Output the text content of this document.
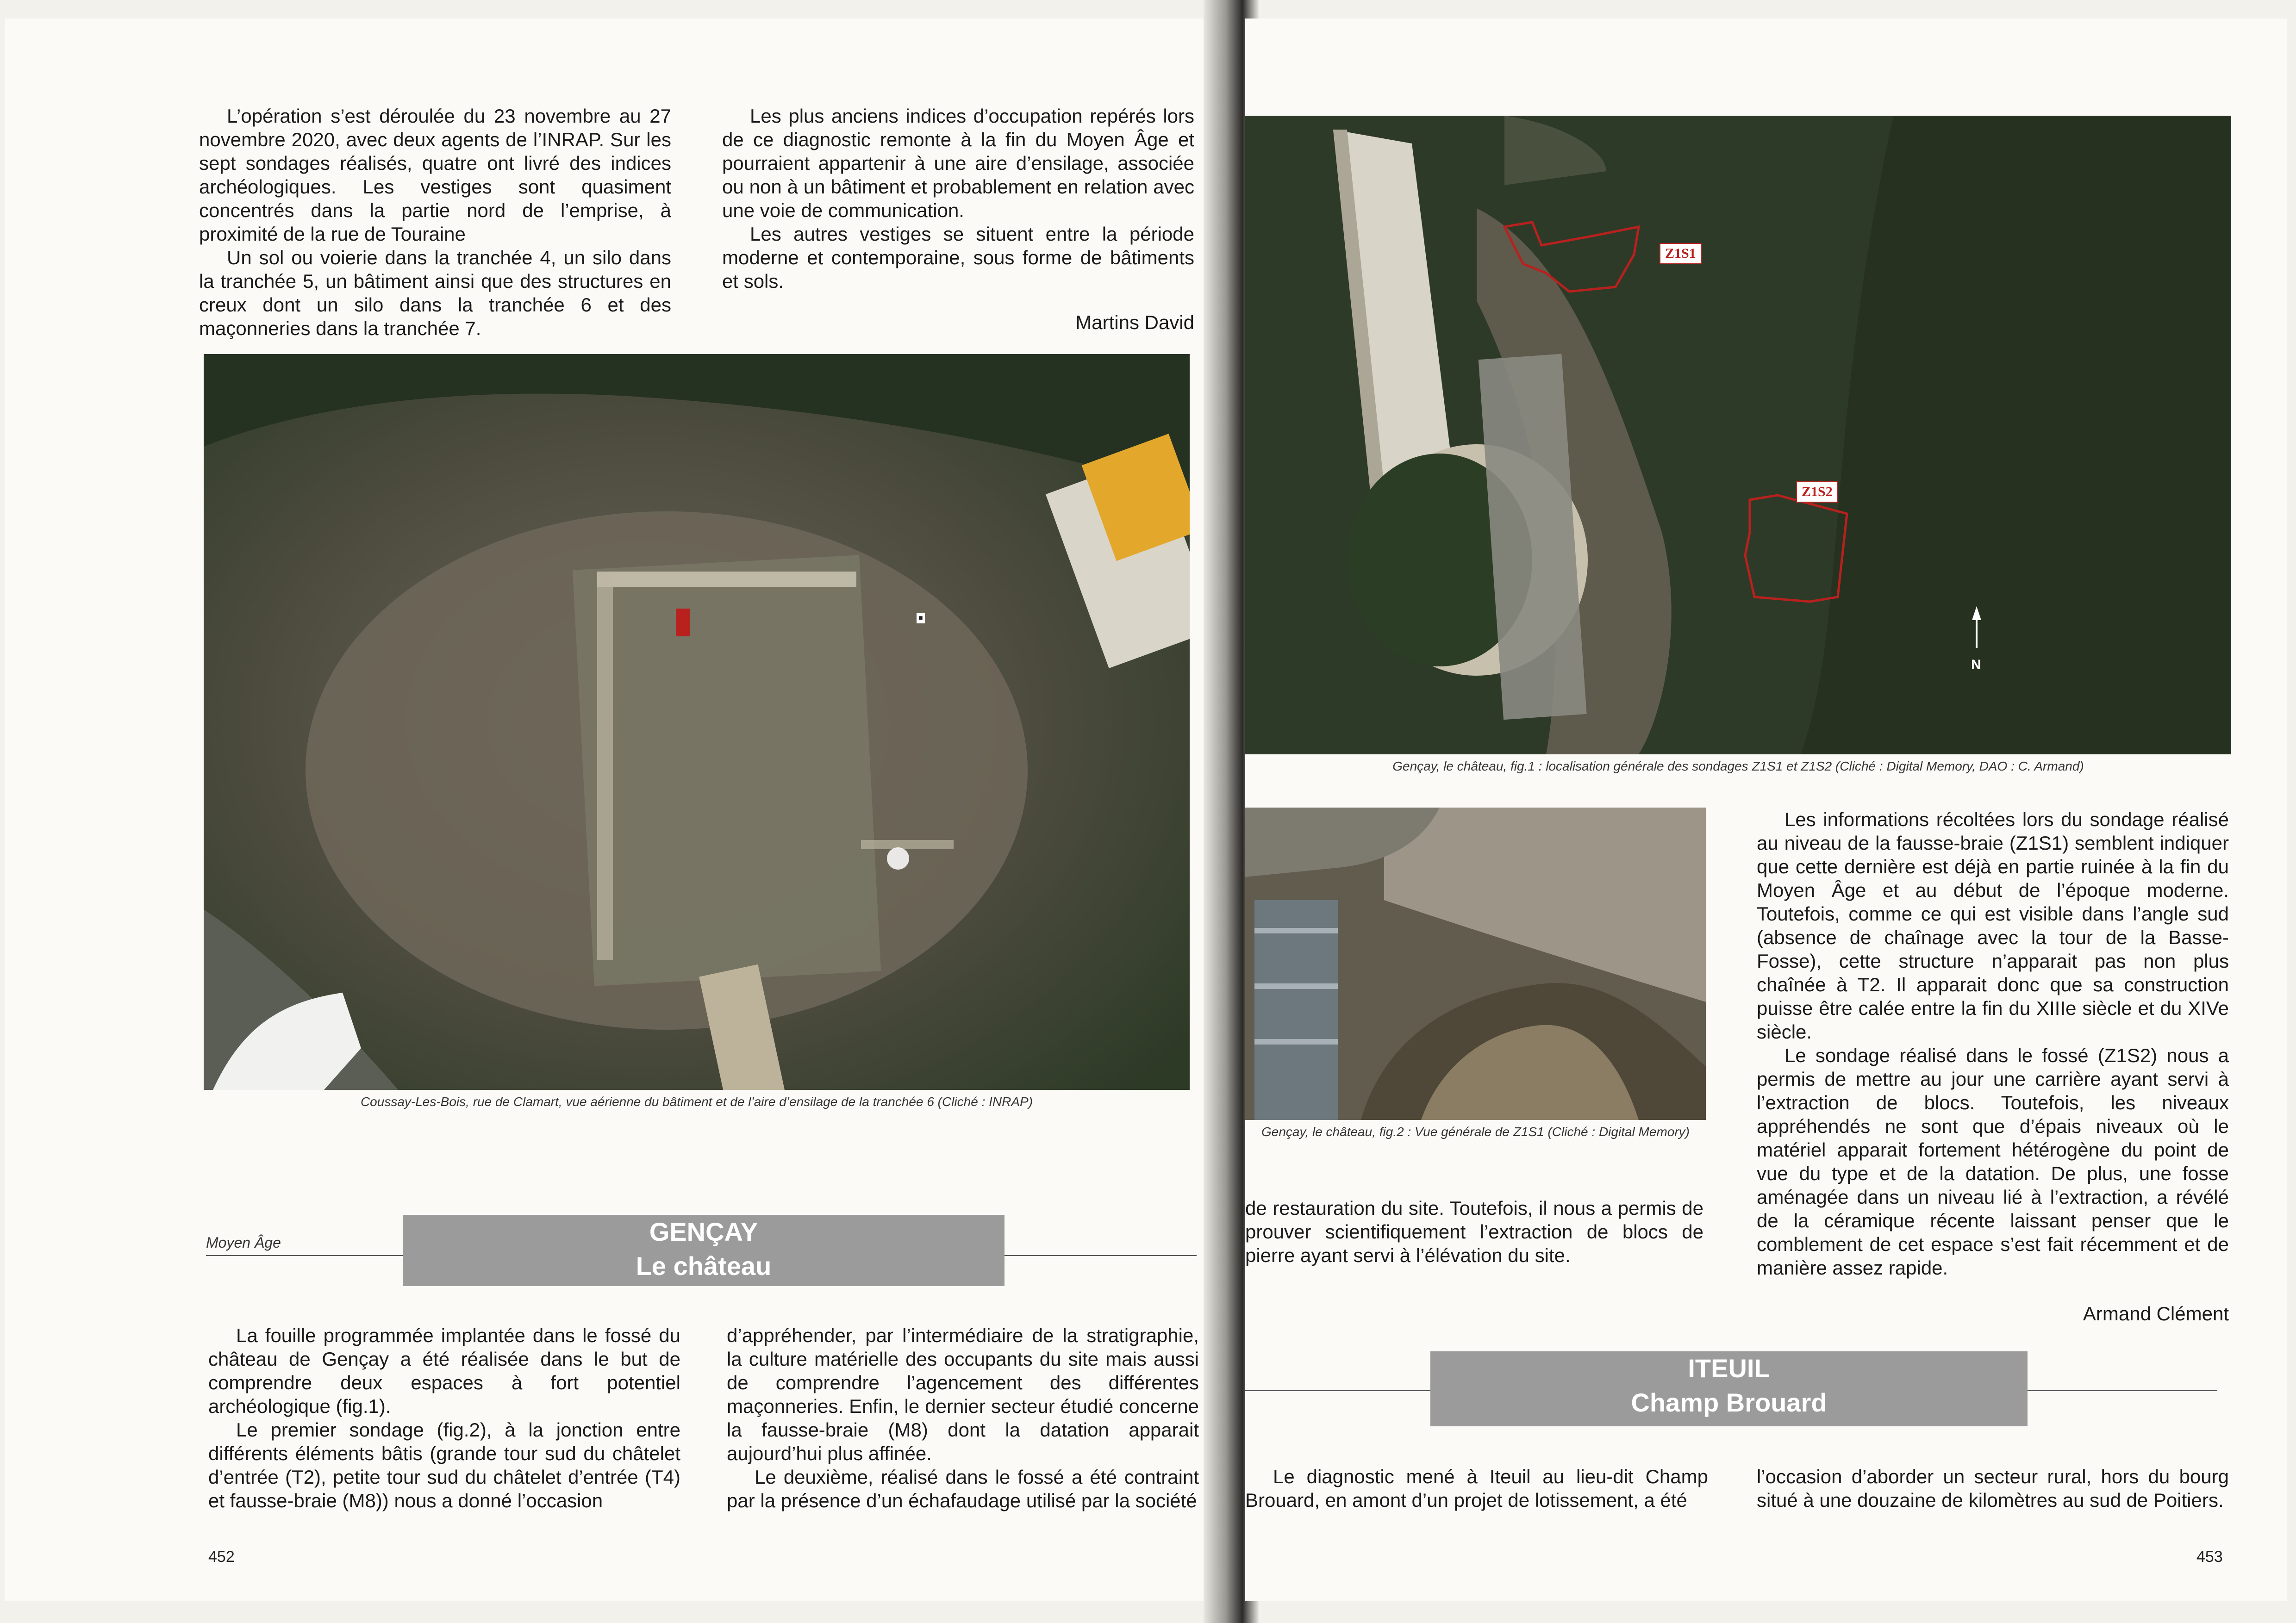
L’opération s’est déroulée du 23 novembre au 27 novembre 2020, avec deux agents de l’INRAP. Sur les sept sondages réalisés, quatre ont livré des indices archéologiques. Les vestiges sont quasiment concentrés dans la partie nord de l’emprise, à proximité de la rue de Touraine

Un sol ou voierie dans la tranchée 4, un silo dans la tranchée 5, un bâtiment ainsi que des structures en creux dont un silo dans la tranchée 6 et des maçonneries dans la tranchée 7.

Les plus anciens indices d’occupation repérés lors de ce diagnostic remonte à la fin du Moyen Âge et pourraient appartenir à une aire d’ensilage, associée ou non à un bâtiment et probablement en relation avec une voie de communication.

Les autres vestiges se situent entre la période moderne et contemporaine, sous forme de bâtiments et sols.

Martins David

■
Coussay-Les-Bois, rue de Clamart, vue aérienne du bâtiment et de l’aire d’ensilage de la tranchée 6 (Cliché : INRAP)
Moyen Âge	GENÇAY
Le château

La fouille programmée implantée dans le fossé du château de Gençay a été réalisée dans le but de comprendre deux espaces à fort potentiel archéologique (fig.1).

Le premier sondage (fig.2), à la jonction entre différents éléments bâtis (grande tour sud du châtelet d’entrée (T2), petite tour sud du châtelet d’entrée (T4) et fausse-braie (M8)) nous a donné l’occasion

d’appréhender, par l’intermédiaire de la stratigraphie, la culture matérielle des occupants du site mais aussi de comprendre l’agencement des différentes maçonneries. Enfin, le dernier secteur étudié concerne la fausse-braie (M8) dont la datation apparait aujourd’hui plus affinée.

Le deuxième, réalisé dans le fossé a été contraint par la présence d’un échafaudage utilisé par la société

452
Z1S1
Z1S2
N
Gençay, le château, fig.1 : localisation générale des sondages Z1S1 et Z1S2 (Cliché : Digital Memory, DAO : C. Armand)
Gençay, le château, fig.2 : Vue générale de Z1S1 (Cliché : Digital Memory)

de restauration du site. Toutefois, il nous a permis de prouver scientifiquement l’extraction de blocs de pierre ayant servi à l’élévation du site.

Les informations récoltées lors du sondage réalisé au niveau de la fausse-braie (Z1S1) semblent indiquer que cette dernière est déjà en partie ruinée à la fin du Moyen Âge et au début de l’époque moderne. Toutefois, comme ce qui est visible dans l’angle sud (absence de chaînage avec la tour de la Basse-Fosse), cette structure n’apparait pas non plus chaînée à T2. Il apparait donc que sa construction puisse être calée entre la fin du XIIIe siècle et du XIVe siècle.

Le sondage réalisé dans le fossé (Z1S2) nous a permis de mettre au jour une carrière ayant servi à l’extraction de blocs. Toutefois, les niveaux appréhendés ne sont que d’épais niveaux où le matériel apparait fortement hétérogène du point de vue du type et de la datation. De plus, une fosse aménagée dans un niveau lié à l’extraction, a révélé de la céramique récente laissant penser que le comblement de cet espace s’est fait récemment et de manière assez rapide.

Armand Clément

ITEUIL
Champ Brouard

Le diagnostic mené à Iteuil au lieu-dit Champ Brouard, en amont d’un projet de lotissement, a été

l’occasion d’aborder un secteur rural, hors du bourg situé à une douzaine de kilomètres au sud de Poitiers.

453
